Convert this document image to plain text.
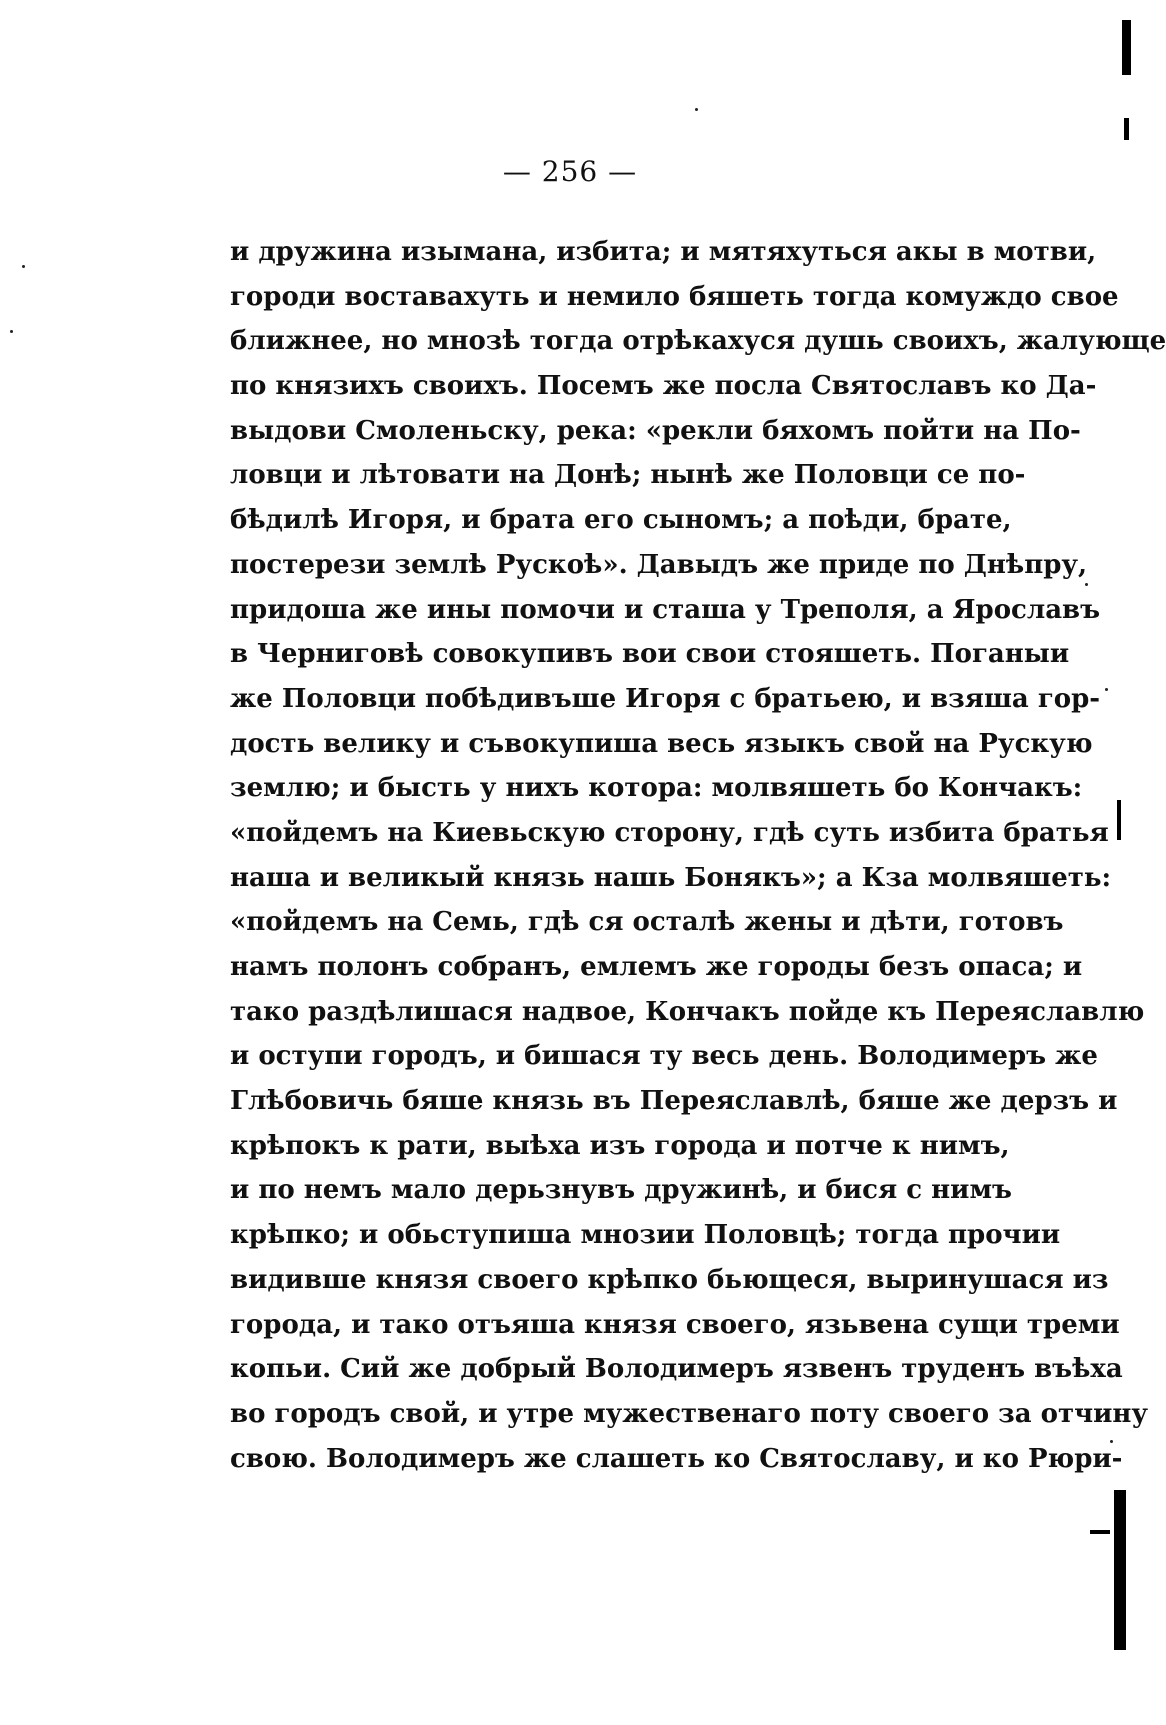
— 256 —
и дружина изымана, избита; и мятяхуться акы в мотви,
городи воставахуть и немило бяшеть тогда комуждо свое
ближнее, но мнозѣ тогда отрѣкахуся душь своихъ, жалующе
по князихъ своихъ. Посемъ же посла Святославъ ко Да-
выдови Смоленьску, река: «рекли бяхомъ пойти на По-
ловци и лѣтовати на Донѣ; нынѣ же Половци се по-
бѣдилѣ Игоря, и брата его сыномъ; а поѣди, брате,
постерези землѣ Рускоѣ». Давыдъ же приде по Днѣпру,
придоша же ины помочи и сташа у Треполя, а Ярославъ
в Черниговѣ совокупивъ вои свои стояшеть. Поганыи
же Половци побѣдивъше Игоря с братьею, и взяша гор-
дость велику и съвокупиша весь языкъ свой на Рускую
землю; и бысть у нихъ котора: молвяшеть бо Кончакъ:
«пойдемъ на Киевьскую сторону, гдѣ суть избита братья
наша и великый князь нашь Бонякъ»; а Кза молвяшеть:
«пойдемъ на Семь, гдѣ ся осталѣ жены и дѣти, готовъ
намъ полонъ собранъ, емлемъ же городы безъ опаса; и
тако раздѣлишася надвое, Кончакъ пойде къ Переяславлю
и оступи городъ, и бишася ту весь день. Володимеръ же
Глѣбовичь бяше князь въ Переяславлѣ, бяше же дерзъ и
крѣпокъ к рати, выѣха изъ города и потче к нимъ,
и по немъ мало дерьзнувъ дружинѣ, и бися с нимъ
крѣпко; и обьступиша мнозии Половцѣ; тогда прочии
видивше князя своего крѣпко бьющеся, выринушася из
города, и тако отъяша князя своего, язьвена сущи треми
копьи. Сий же добрый Володимеръ язвенъ труденъ въѣха
во городъ свой, и утре мужественаго поту своего за отчину
свою. Володимеръ же слашеть ко Святославу, и ко Рюри-
